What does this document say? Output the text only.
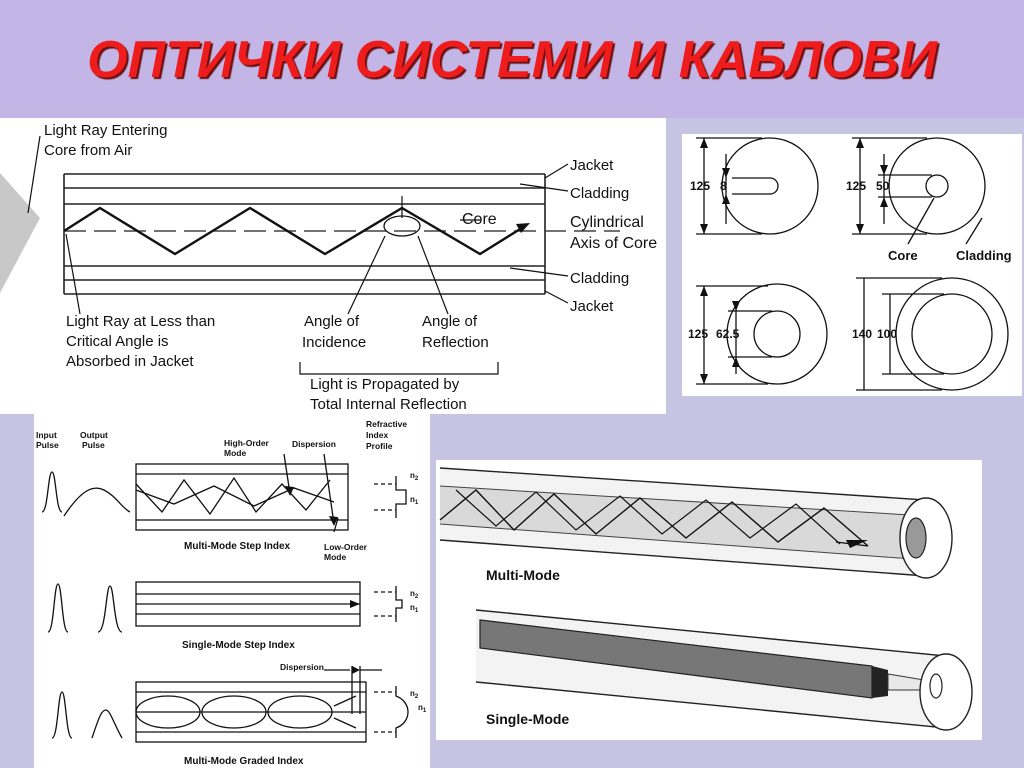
ОПТИЧКИ СИСТЕМИ И КАБЛОВИ
Light Ray Entering
Core from Air
Jacket
Cladding
Core	Cylindrical
Axis of Core
Cladding
Jacket
Light Ray at Less than
Critical Angle is
Absorbed in Jacket
Angle of
Incidence
Angle of
Reflection
Light is Propagated by
Total Internal Reflection
125 8	125 50
Core	Cladding
125 62.5	140 100
Input
Pulse
Output
Pulse	High-Order
Mode
Dispersion
Refractive
Index
Profile
Low-Order
Mode
Dispersion
Multi-Mode Step Index
Single-Mode Step Index
Multi-Mode Graded Index
$n_2$
$n_1$
$n_2$
$n_1$
$n_2$
$n_1$
Multi-Mode
Single-Mode
